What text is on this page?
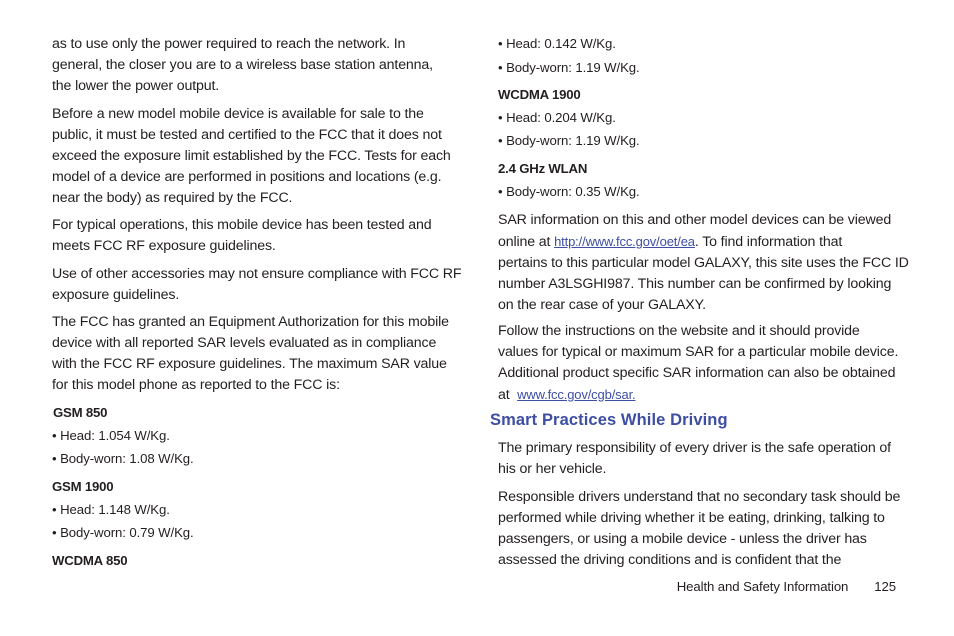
as to use only the power required to reach the network. In
general, the closer you are to a wireless base station antenna,
the lower the power output.

Before a new model mobile device is available for sale to the
public, it must be tested and certified to the FCC that it does not
exceed the exposure limit established by the FCC. Tests for each
model of a device are performed in positions and locations (e.g.
near the body) as required by the FCC.

For typical operations, this mobile device has been tested and
meets FCC RF exposure guidelines.

Use of other accessories may not ensure compliance with FCC RF
exposure guidelines.

The FCC has granted an Equipment Authorization for this mobile
device with all reported SAR levels evaluated as in compliance
with the FCC RF exposure guidelines. The maximum SAR value
for this model phone as reported to the FCC is:

GSM 850
• Head: 1.054 W/Kg.
• Body-worn: 1.08 W/Kg.
GSM 1900
• Head: 1.148 W/Kg.
• Body-worn: 0.79 W/Kg.
WCDMA 850
• Head: 0.142 W/Kg.
• Body-worn: 1.19 W/Kg.
WCDMA 1900
• Head: 0.204 W/Kg.
• Body-worn: 1.19 W/Kg.
2.4 GHz WLAN
• Body-worn: 0.35 W/Kg.

SAR information on this and other model devices can be viewed
online at http://www.fcc.gov/oet/ea. To find information that
pertains to this particular model GALAXY, this site uses the FCC ID
number A3LSGHI987. This number can be confirmed by looking
on the rear case of your GALAXY.

Follow the instructions on the website and it should provide
values for typical or maximum SAR for a particular mobile device.
Additional product specific SAR information can also be obtained
at  www.fcc.gov/cgb/sar.

Smart Practices While Driving

The primary responsibility of every driver is the safe operation of
his or her vehicle.

Responsible drivers understand that no secondary task should be
performed while driving whether it be eating, drinking, talking to
passengers, or using a mobile device - unless the driver has
assessed the driving conditions and is confident that the

Health and Safety Information 125
